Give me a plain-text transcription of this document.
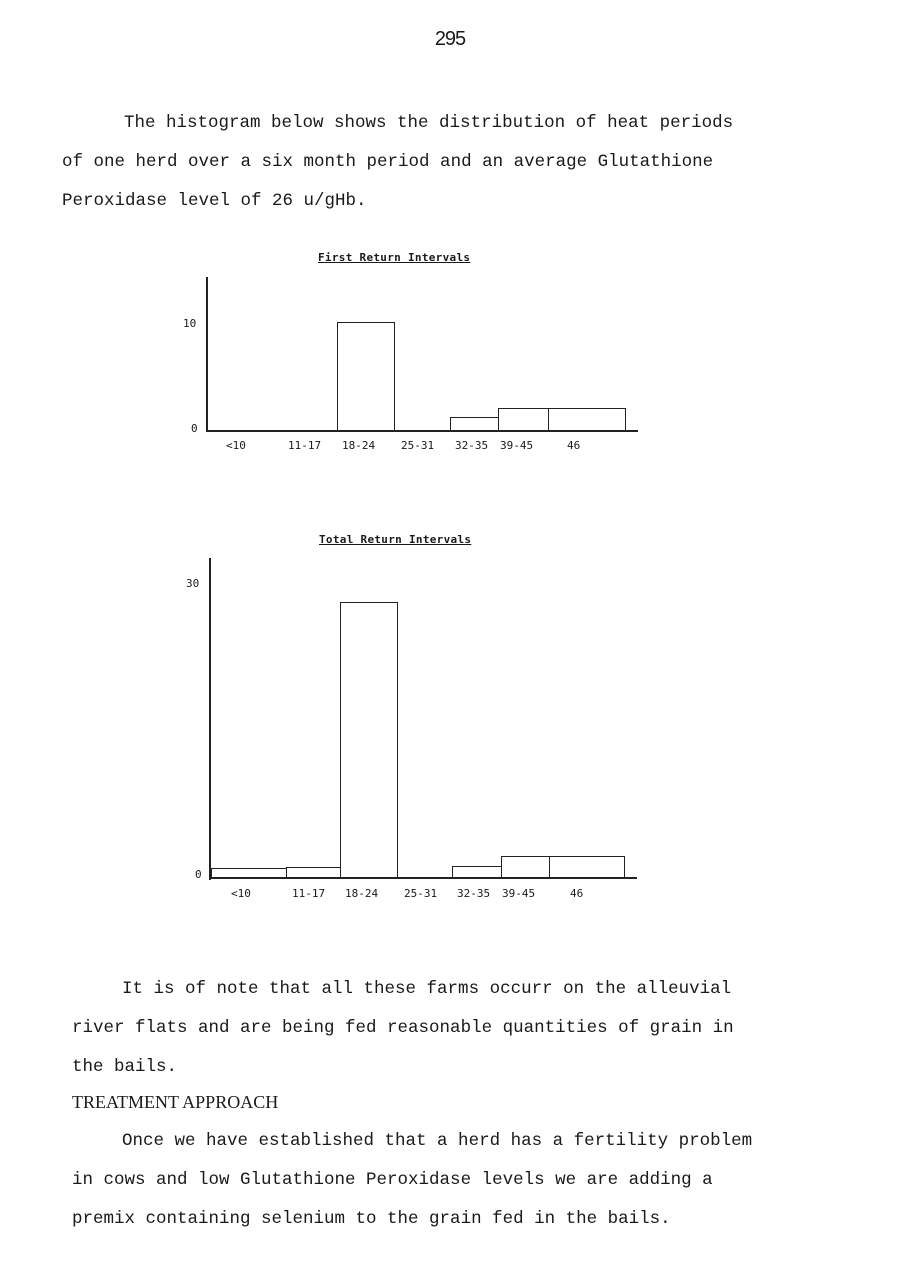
295
The histogram below shows the distribution of heat periods
of one herd over a six month period and an average Glutathione
Peroxidase level of 26 u/gHb.
First Return Intervals
10
0
<10	11-17 18-24 25-31 32-35 39-45	46
Total Return Intervals
30
0
<10	11-17 18-24 25-31 32-35 39-45	46
It is of note that all these farms occurr on the alleuvial
river flats and are being fed reasonable quantities of grain in
the bails.
TREATMENT APPROACH
Once we have established that a herd has a fertility problem
in cows and low Glutathione Peroxidase levels we are adding a
premix containing selenium to the grain fed in the bails.
